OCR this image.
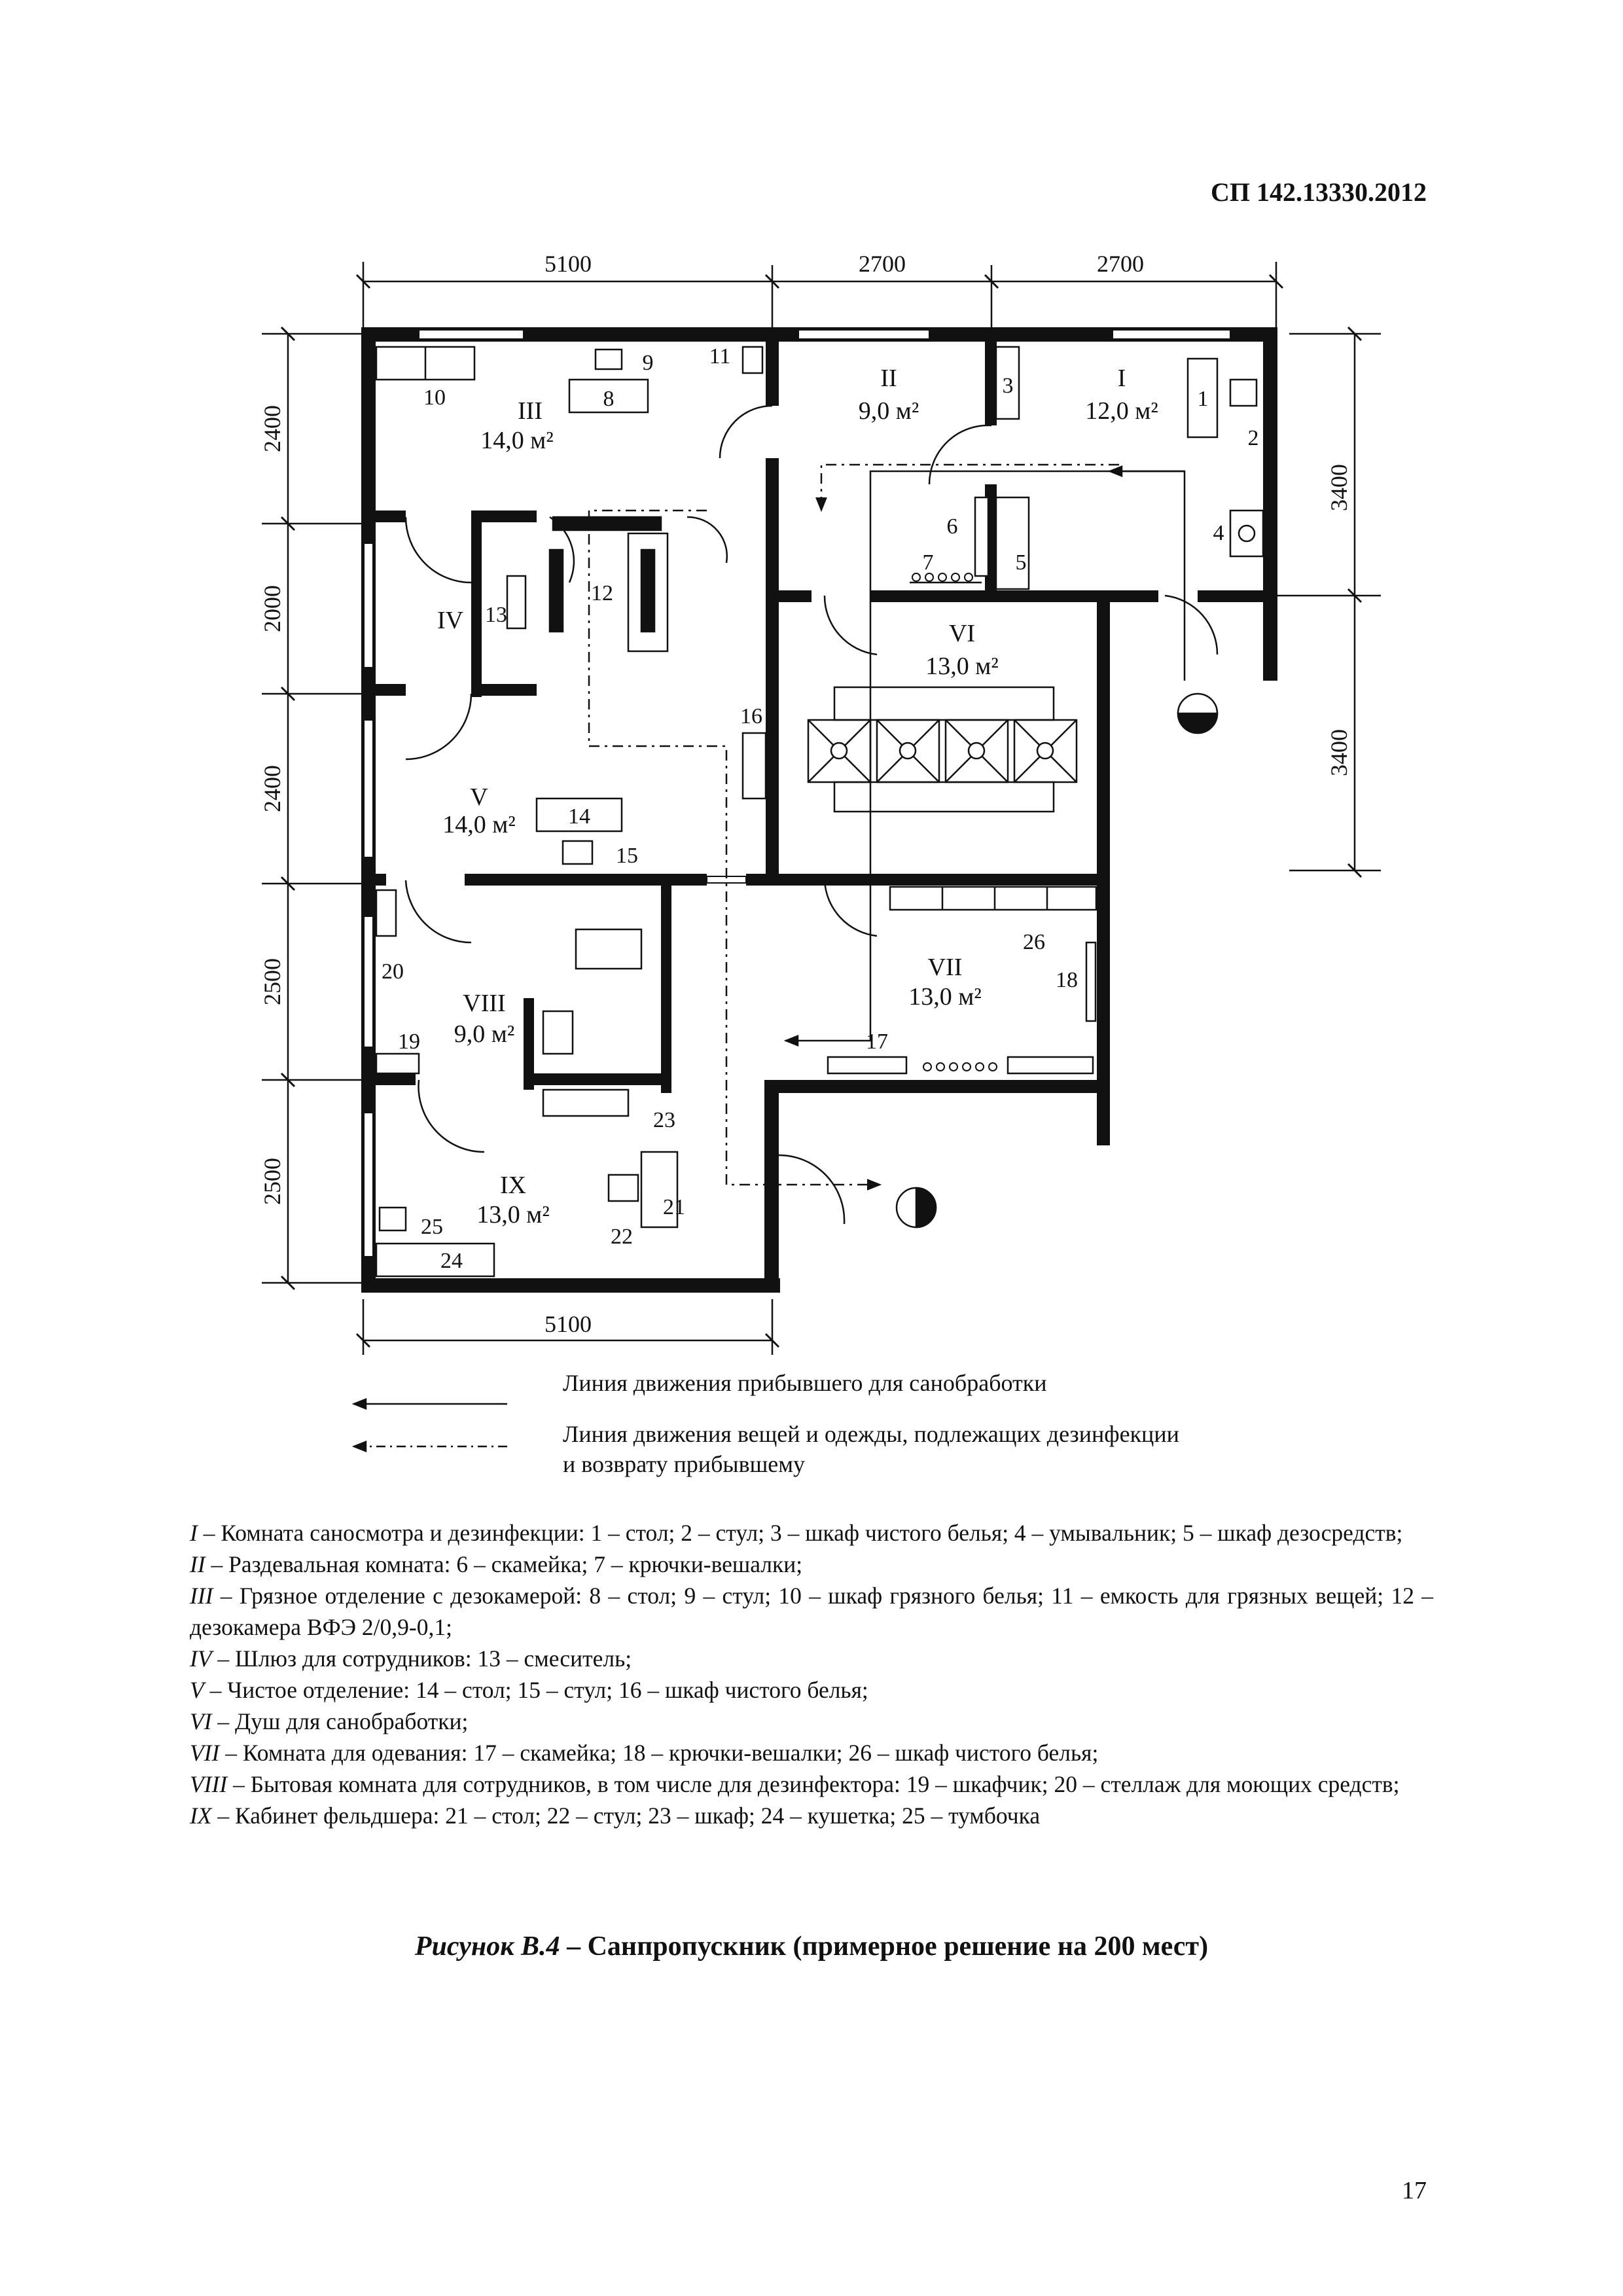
СП 142.13330.2012
5100	2700	2700
5100
2400
2000
2400
2500
2500
3400
3400
I
12,0 м²
II
9,0 м²
III
14,0 м²
IV
V
14,0 м²
VI
13,0 м²
VII
13,0 м²
VIII
9,0 м²
IX
13,0 м²
1
2
3
4
5
6
7
8
9
10
11
12
13
14
15
16
17
18
19
20
21
22
23
24
25
26
Линия движения прибывшего для санобработки
Линия движения вещей и одежды, подлежащих дезинфекции
и возврату прибывшему

I – Комната саносмотра и дезинфекции: 1 – стол; 2 – стул; 3 – шкаф чистого белья; 4 – умывальник; 5 – шкаф дезосредств;

II – Раздевальная комната: 6 – скамейка; 7 – крючки-вешалки;

III – Грязное отделение с дезокамерой: 8 – стол; 9 – стул; 10 – шкаф грязного белья; 11 – емкость для грязных вещей; 12 – дезокамера ВФЭ 2/0,9-0,1;

IV – Шлюз для сотрудников: 13 – смеситель;

V – Чистое отделение: 14 – стол; 15 – стул; 16 – шкаф чистого белья;

VI – Душ для санобработки;

VII – Комната для одевания: 17 – скамейка; 18 – крючки-вешалки; 26 – шкаф чистого белья;

VIII – Бытовая комната для сотрудников, в том числе для дезинфектора: 19 – шкафчик; 20 – стеллаж для моющих средств;

IX – Кабинет фельдшера: 21 – стол; 22 – стул; 23 – шкаф; 24 – кушетка; 25 – тумбочка

Рисунок В.4 – Санпропускник (примерное решение на 200 мест)
17
